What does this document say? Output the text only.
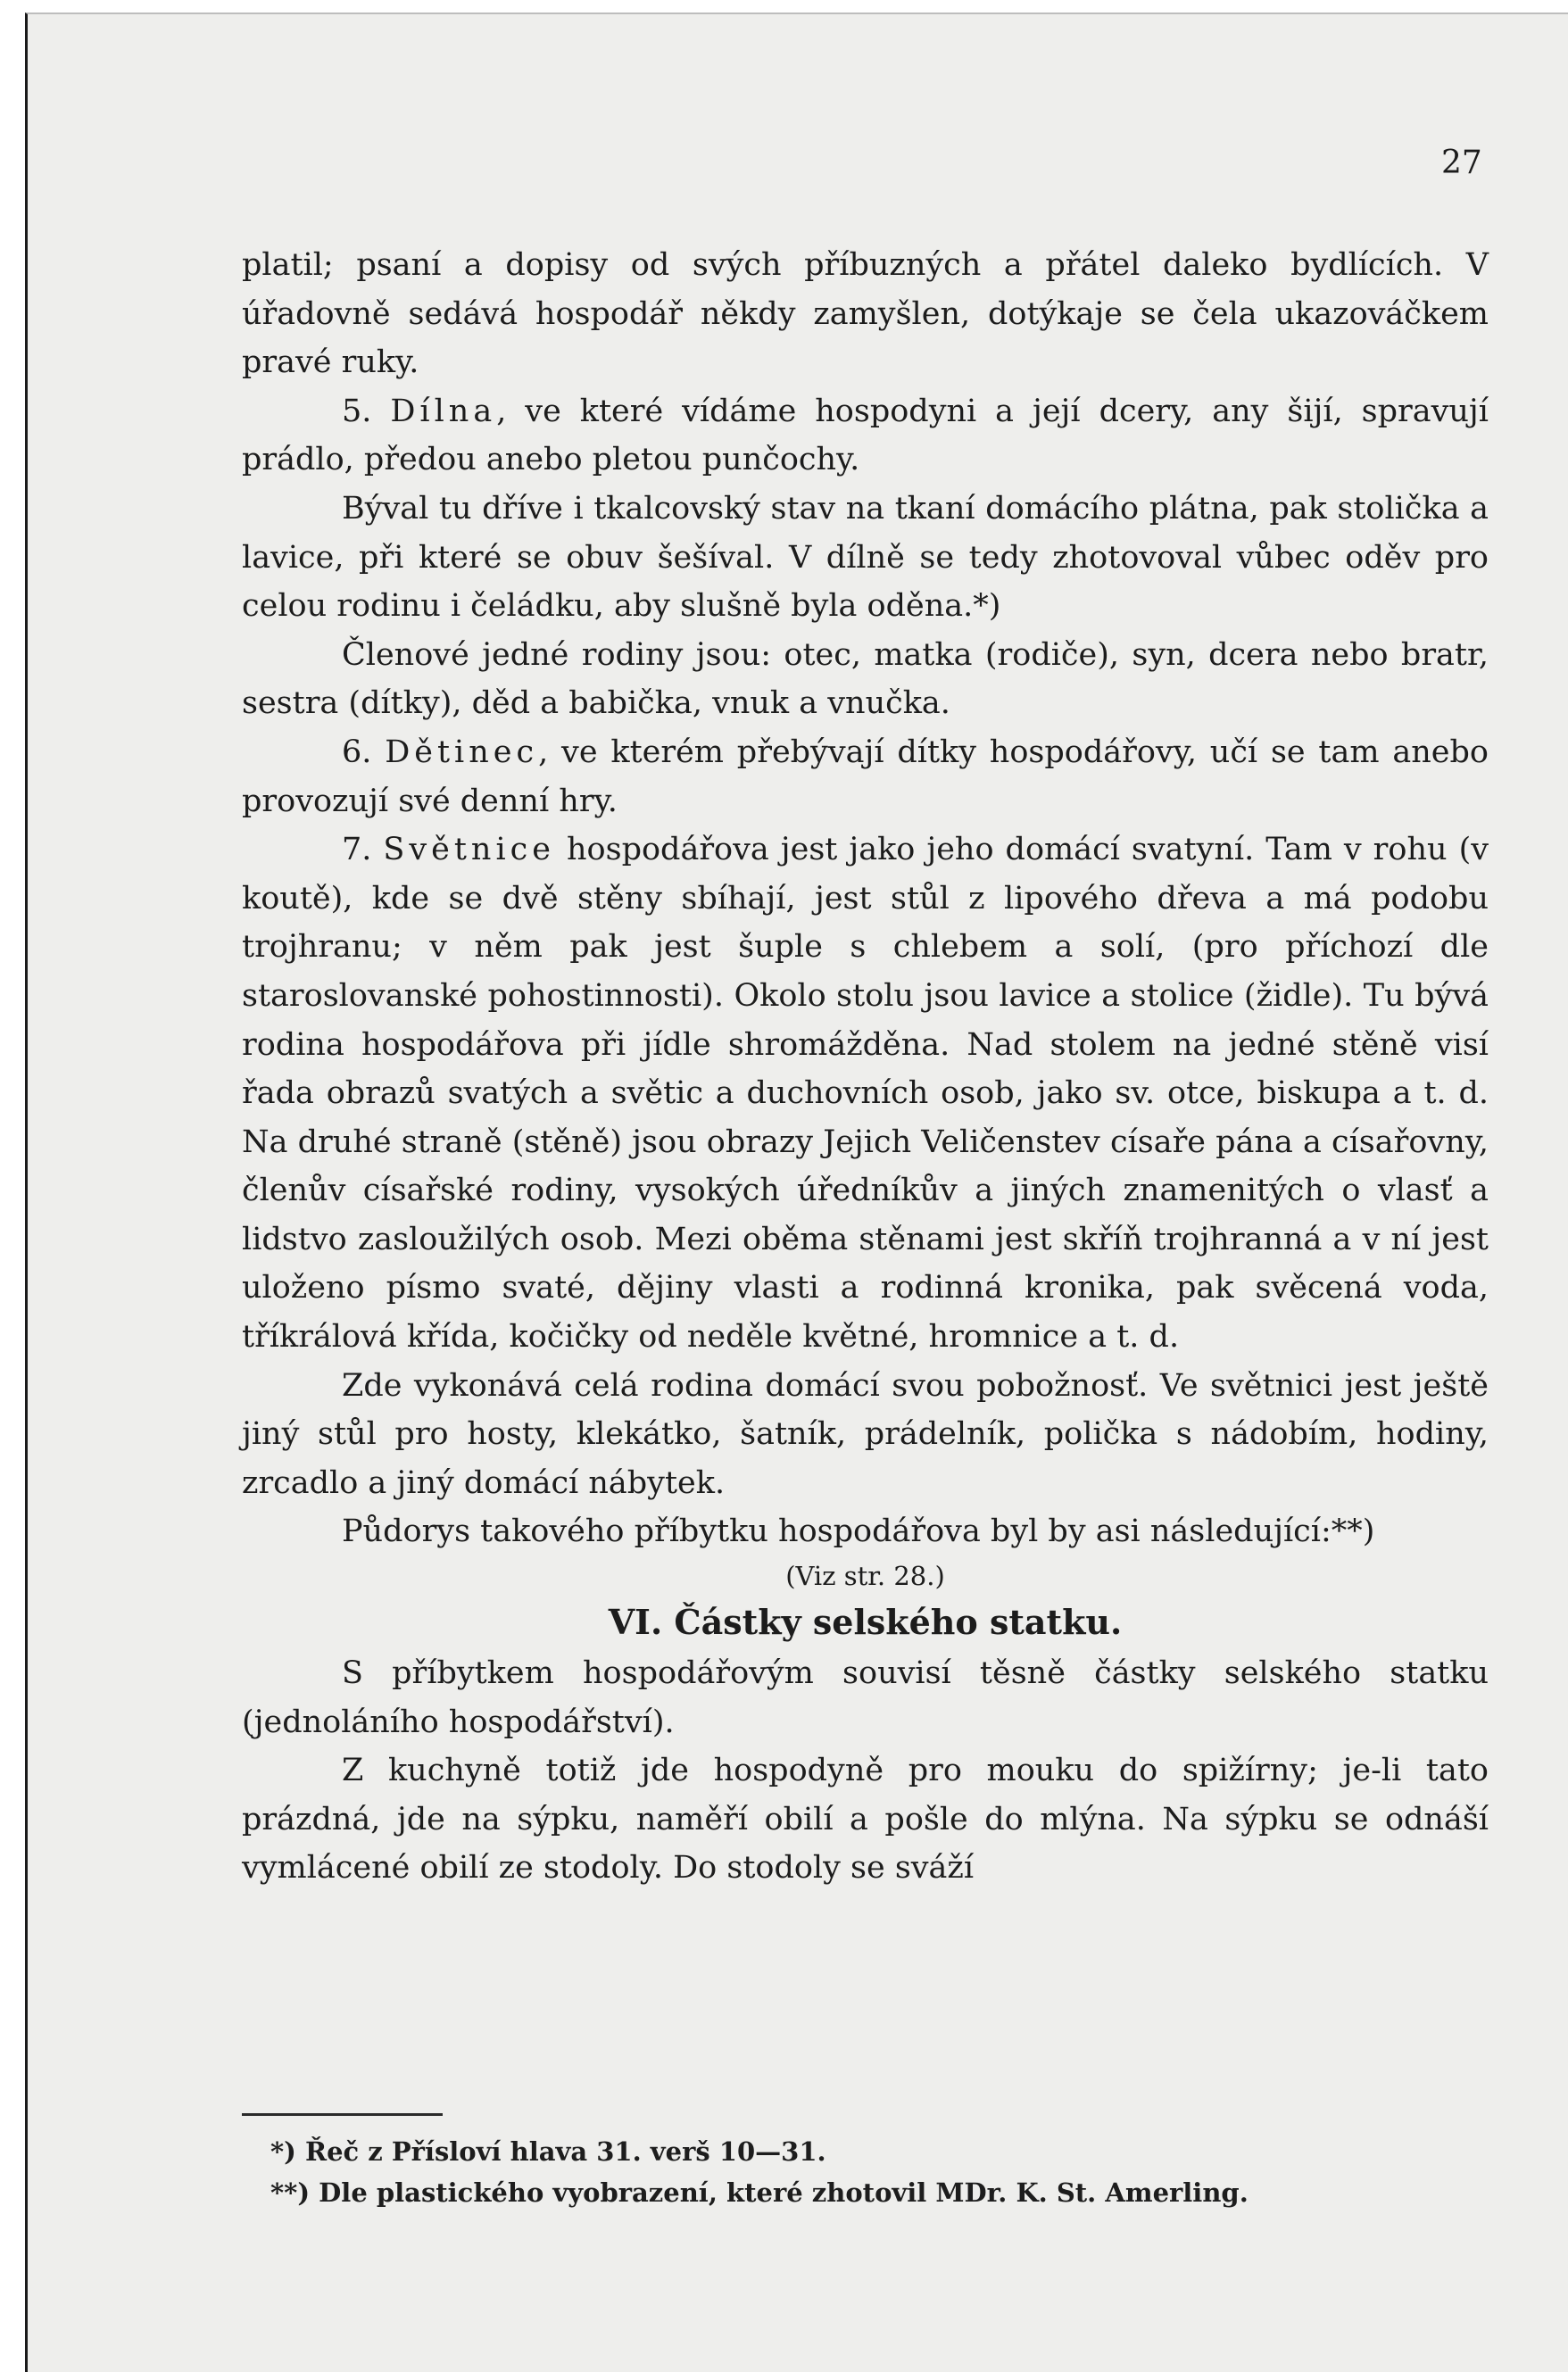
27

platil; psaní a dopisy od svých příbuzných a přátel daleko bydlících. V úřadovně sedává hospodář někdy zamyšlen, dotýkaje se čela ukazováčkem pravé ruky.

5. Dílna, ve které vídáme hospodyni a její dcery, any šijí, spravují prádlo, předou anebo pletou punčochy.

Býval tu dříve i tkalcovský stav na tkaní domácího plátna, pak stolička a lavice, při které se obuv šešíval. V dílně se tedy zhotovoval vůbec oděv pro celou rodinu i čeládku, aby slušně byla oděna.*)

Členové jedné rodiny jsou: otec, matka (rodiče), syn, dcera nebo bratr, sestra (dítky), děd a babička, vnuk a vnučka.

6. Dětinec, ve kterém přebývají dítky hospodářovy, učí se tam anebo provozují své denní hry.

7. Světnice hospodářova jest jako jeho domácí svatyní. Tam v rohu (v koutě), kde se dvě stěny sbíhají, jest stůl z lipového dřeva a má podobu trojhranu; v něm pak jest šuple s chlebem a solí, (pro příchozí dle staroslovanské pohostinnosti). Okolo stolu jsou lavice a stolice (židle). Tu bývá rodina hospodářova při jídle shromážděna. Nad stolem na jedné stěně visí řada obrazů svatých a světic a duchovních osob, jako sv. otce, biskupa a t. d. Na druhé straně (stěně) jsou obrazy Jejich Veličenstev císaře pána a císařovny, členův císařské rodiny, vysokých úředníkův a jiných znamenitých o vlasť a lidstvo zasloužilých osob. Mezi oběma stěnami jest skříň trojhranná a v ní jest uloženo písmo svaté, dějiny vlasti a rodinná kronika, pak svěcená voda, tříkrálová křída, kočičky od neděle květné, hromnice a t. d.

Zde vykonává celá rodina domácí svou pobožnosť. Ve světnici jest ještě jiný stůl pro hosty, klekátko, šatník, prádelník, polička s nádobím, hodiny, zrcadlo a jiný domácí nábytek.

Půdorys takového příbytku hospodářova byl by asi následující:**)

(Viz str. 28.)

VI. Částky selského statku.

S příbytkem hospodářovým souvisí těsně částky selského statku (jednoláního hospodářství).

Z kuchyně totiž jde hospodyně pro mouku do spižírny; je-li tato prázdná, jde na sýpku, naměří obilí a pošle do mlýna. Na sýpku se odnáší vymlácené obilí ze stodoly. Do stodoly se sváží

*) Řeč z Přísloví hlava 31. verš 10—31.
**) Dle plastického vyobrazení, které zhotovil MDr. K. St. Amerling.
